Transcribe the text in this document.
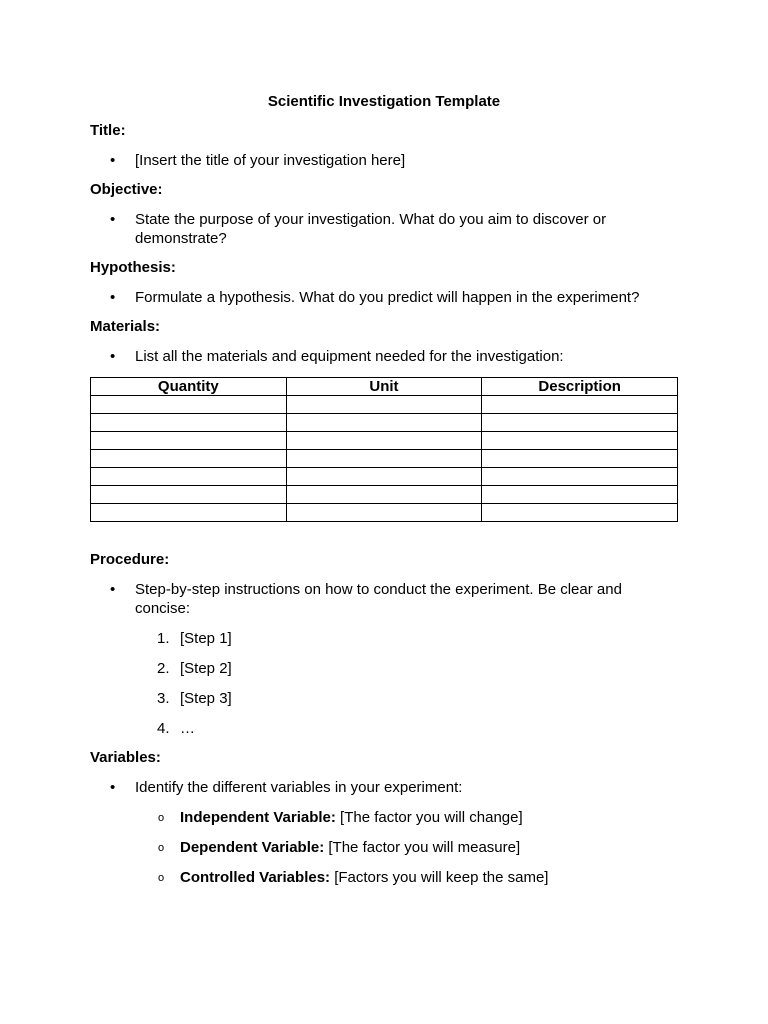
Scientific Investigation Template

Title:

• [Insert the title of your investigation here]

Objective:

• State the purpose of your investigation. What do you aim to discover or demonstrate?

Hypothesis:

• Formulate a hypothesis. What do you predict will happen in the experiment?

Materials:

• List all the materials and equipment needed for the investigation:
Quantity	Unit	Description

Procedure:

• Step-by-step instructions on how to conduct the experiment. Be clear and concise:
1. [Step 1]
2. [Step 2]
3. [Step 3]
4. …

Variables:

• Identify the different variables in your experiment:
o Independent Variable: [The factor you will change]
o Dependent Variable: [The factor you will measure]
o Controlled Variables: [Factors you will keep the same]
